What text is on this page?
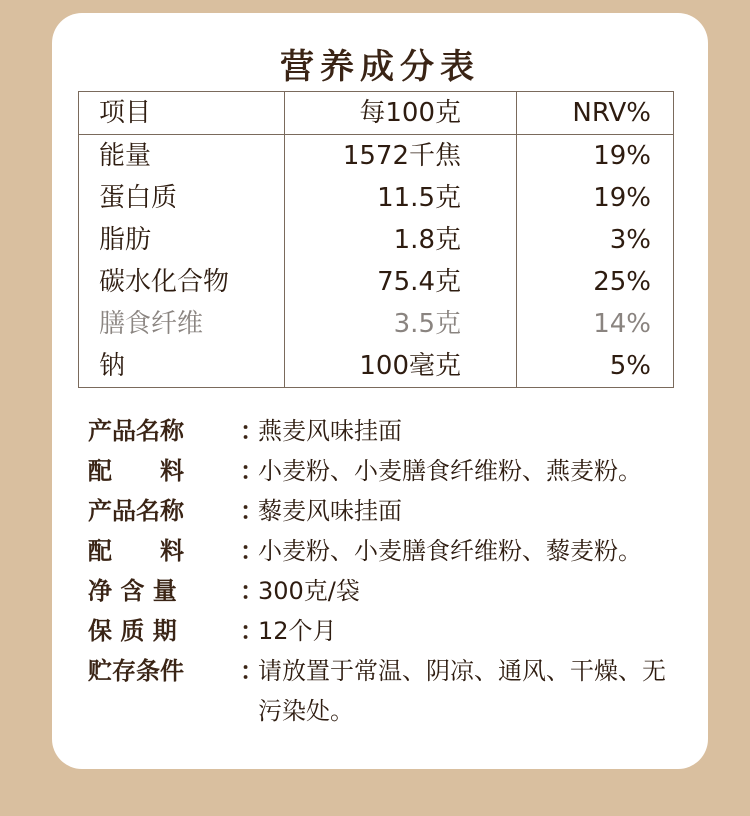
营养成分表
项目	每100克	NRV%
能量	1572千焦	19%
蛋白质	11.5克	19%
脂肪	1.8克	3%
碳水化合物	75.4克	25%
膳食纤维	3.5克	14%
钠	100毫克	5%
产品名称	：
燕麦风味挂面
配　　料	：
小麦粉、小麦膳食纤维粉、燕麦粉。
产品名称	：
藜麦风味挂面
配　　料	：
小麦粉、小麦膳食纤维粉、藜麦粉。
净 含 量	：
300克/袋
保 质 期	：
12个月
贮存条件	：
请放置于常温、阴凉、通风、干燥、无污染处。
